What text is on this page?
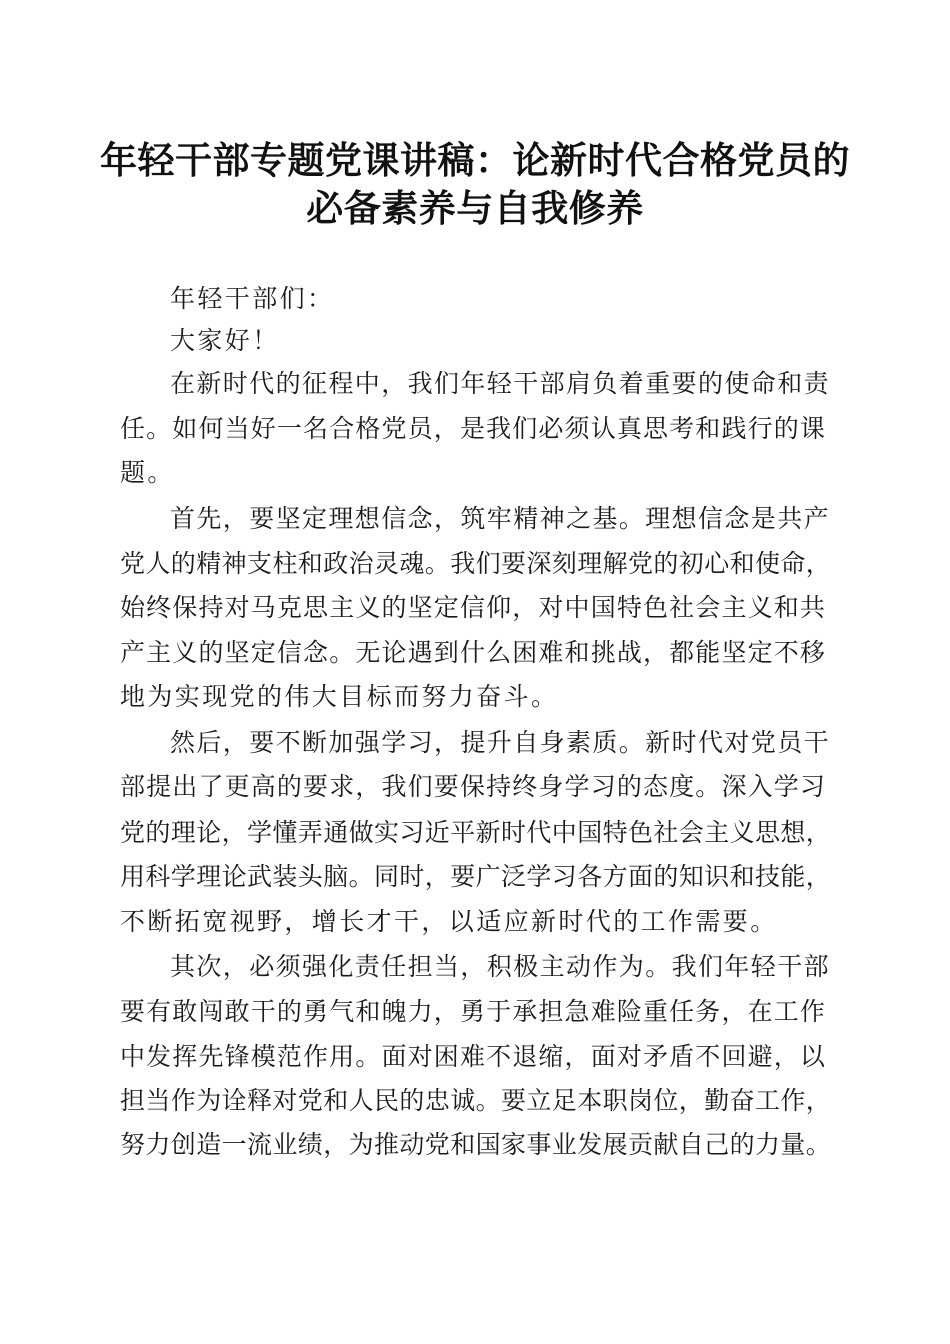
年轻干部专题党课讲稿：论新时代合格党员的
必备素养与自我修养
年轻干部们：
大家好！
在新时代的征程中，我们年轻干部肩负着重要的使命和责
任。如何当好一名合格党员，是我们必须认真思考和践行的课
题。
首先，要坚定理想信念，筑牢精神之基。理想信念是共产
党人的精神支柱和政治灵魂。我们要深刻理解党的初心和使命，
始终保持对马克思主义的坚定信仰，对中国特色社会主义和共
产主义的坚定信念。无论遇到什么困难和挑战，都能坚定不移
地为实现党的伟大目标而努力奋斗。
然后，要不断加强学习，提升自身素质。新时代对党员干
部提出了更高的要求，我们要保持终身学习的态度。深入学习
党的理论，学懂弄通做实习近平新时代中国特色社会主义思想，
用科学理论武装头脑。同时，要广泛学习各方面的知识和技能，
不断拓宽视野，增长才干，以适应新时代的工作需要。
其次，必须强化责任担当，积极主动作为。我们年轻干部
要有敢闯敢干的勇气和魄力，勇于承担急难险重任务，在工作
中发挥先锋模范作用。面对困难不退缩，面对矛盾不回避，以
担当作为诠释对党和人民的忠诚。要立足本职岗位，勤奋工作，
努力创造一流业绩，为推动党和国家事业发展贡献自己的力量。
